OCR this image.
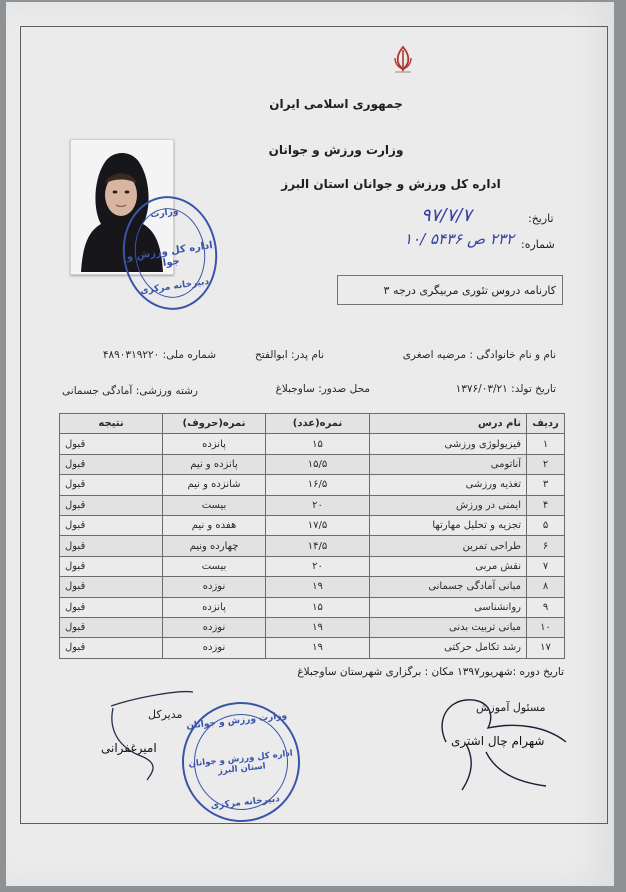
جمهوری اسلامی ایران
وزارت ورزش و جوانان
اداره کل ورزش و جوانان استان البرز
وزارت
اداره کل ورزش و جوا
دبیرخانه مرکزی
تاریخ:
۹۷/۷/۷
شماره:
۲۳۲ ص ۵۴۳۶ /۱۰
کارنامه دروس تئوری مربیگری درجه ۳
نام و نام خانوادگی : مرضیه اصغری
نام پدر: ابوالفتح
شماره ملی: ۴۸۹۰۳۱۹۲۲۰
تاریخ تولد: ۱۳۷۶/۰۳/۲۱
محل صدور: ساوجبلاغ
رشته ورزشی: آمادگی جسمانی
ردیف	نام درس	نمره(عدد)	نمره(حروف)	نتیجه
۱	فیزیولوژی ورزشی	۱۵	پانزده	قبول
۲	آناتومی	۱۵/۵	پانزده و نیم	قبول
۳	تغذیه ورزشی	۱۶/۵	شانزده و نیم	قبول
۴	ایمنی در ورزش	۲۰	بیست	قبول
۵	تجزیه و تحلیل مهارتها	۱۷/۵	هفده و نیم	قبول
۶	طراحی تمرین	۱۴/۵	چهارده ونیم	قبول
۷	نقش مربی	۲۰	بیست	قبول
۸	مبانی آمادگی جسمانی	۱۹	نوزده	قبول
۹	روانشناسی	۱۵	پانزده	قبول
۱۰	مبانی تربیت بدنی	۱۹	نوزده	قبول
۱۷	رشد تکامل حرکتی	۱۹	نوزده	قبول
تاریخ دوره :شهریور۱۳۹۷ مکان : برگزاری شهرستان ساوجبلاغ
وزارت ورزش و جوانان
اداره کل ورزش و جوانان استان البرز
دبیرخانه مرکزی
مدیرکل
امیرغفرانی
مسئول آموزش
شهرام چال اشتری
